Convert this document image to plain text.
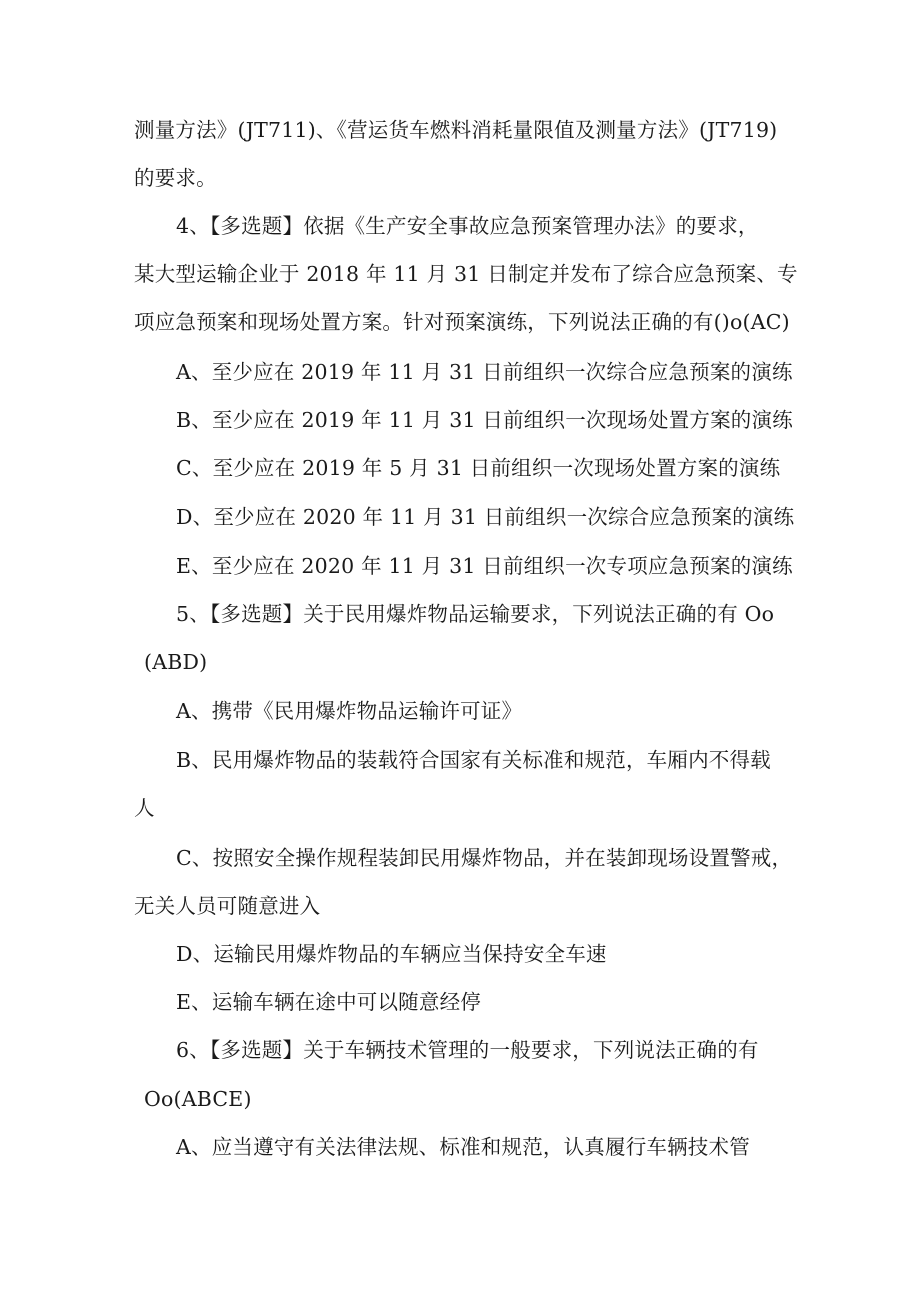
测量方法》(JT711)、《营运货车燃料消耗量限值及测量方法》(JT719)
的要求。
4、【多选题】依据《生产安全事故应急预案管理办法》的要求，
某大型运输企业于 2018 年 11 月 31 日制定并发布了综合应急预案、专
项应急预案和现场处置方案。针对预案演练，下列说法正确的有()o(AC)
A、至少应在 2019 年 11 月 31 日前组织一次综合应急预案的演练
B、至少应在 2019 年 11 月 31 日前组织一次现场处置方案的演练
C、至少应在 2019 年 5 月 31 日前组织一次现场处置方案的演练
D、至少应在 2020 年 11 月 31 日前组织一次综合应急预案的演练
E、至少应在 2020 年 11 月 31 日前组织一次专项应急预案的演练
5、【多选题】关于民用爆炸物品运输要求，下列说法正确的有 Oo
(ABD)
A、携带《民用爆炸物品运输许可证》
B、民用爆炸物品的装载符合国家有关标准和规范，车厢内不得载
人
C、按照安全操作规程装卸民用爆炸物品，并在装卸现场设置警戒，
无关人员可随意进入
D、运输民用爆炸物品的车辆应当保持安全车速
E、运输车辆在途中可以随意经停
6、【多选题】关于车辆技术管理的一般要求，下列说法正确的有
Oo(ABCE)
A、应当遵守有关法律法规、标准和规范，认真履行车辆技术管
